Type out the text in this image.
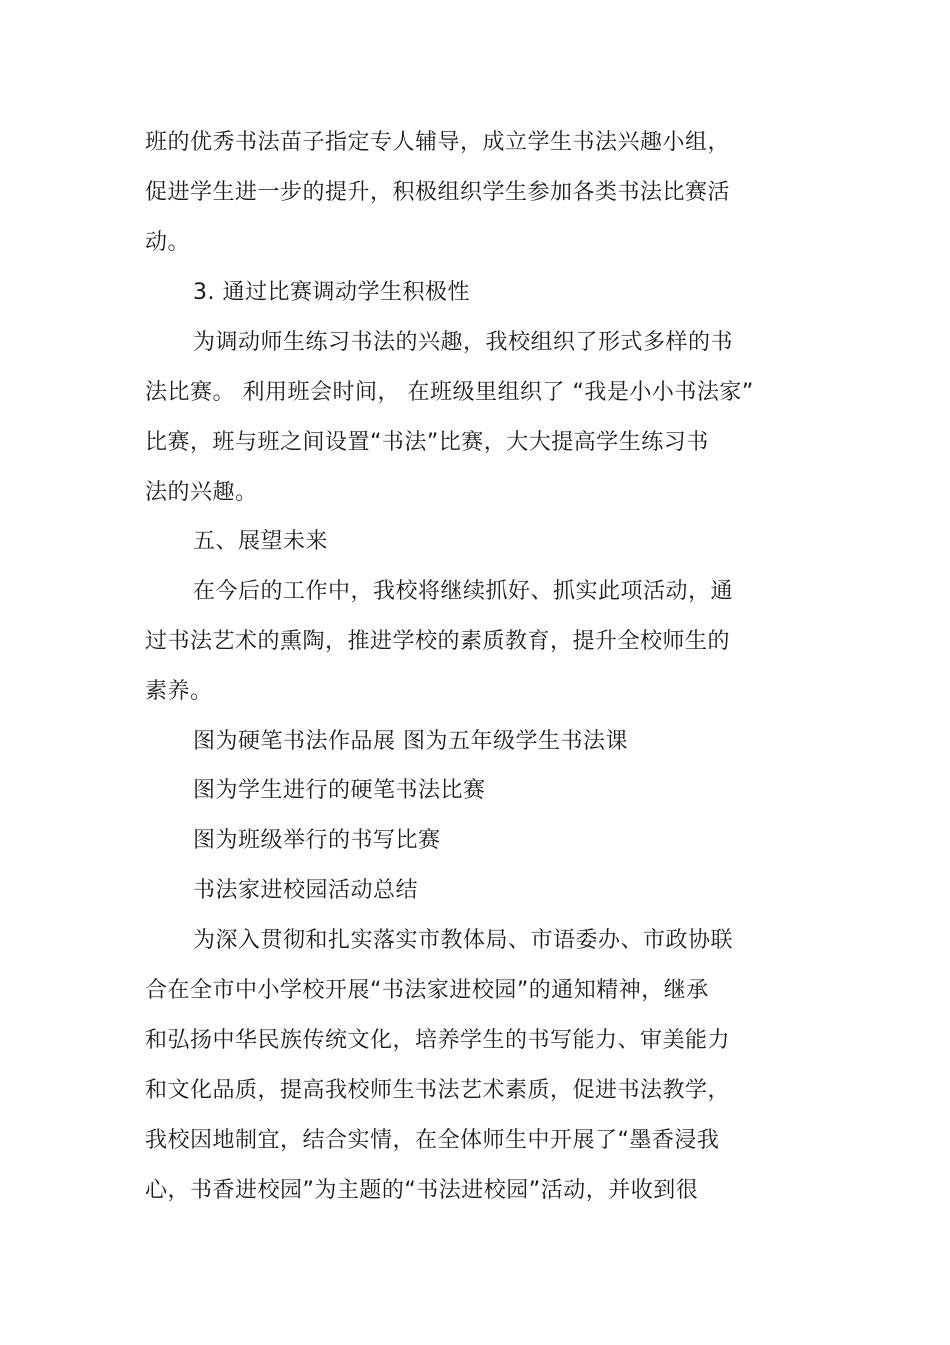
班的优秀书法苗子指定专人辅导，成立学生书法兴趣小组，
促进学生进一步的提升，积极组织学生参加各类书法比赛活
动。
3. 通过比赛调动学生积极性
为调动师生练习书法的兴趣，我校组织了形式多样的书
法比赛。 利用班会时间， 在班级里组织了 “我是小小书法家”
比赛，班与班之间设置“书法”比赛，大大提高学生练习书
法的兴趣。
五、展望未来
在今后的工作中，我校将继续抓好、抓实此项活动，通
过书法艺术的熏陶，推进学校的素质教育，提升全校师生的
素养。
图为硬笔书法作品展 图为五年级学生书法课
图为学生进行的硬笔书法比赛
图为班级举行的书写比赛
书法家进校园活动总结
为深入贯彻和扎实落实市教体局、市语委办、市政协联
合在全市中小学校开展“书法家进校园”的通知精神，继承
和弘扬中华民族传统文化，培养学生的书写能力、审美能力
和文化品质，提高我校师生书法艺术素质，促进书法教学，
我校因地制宜，结合实情，在全体师生中开展了“墨香浸我
心，书香进校园”为主题的“书法进校园”活动，并收到很
